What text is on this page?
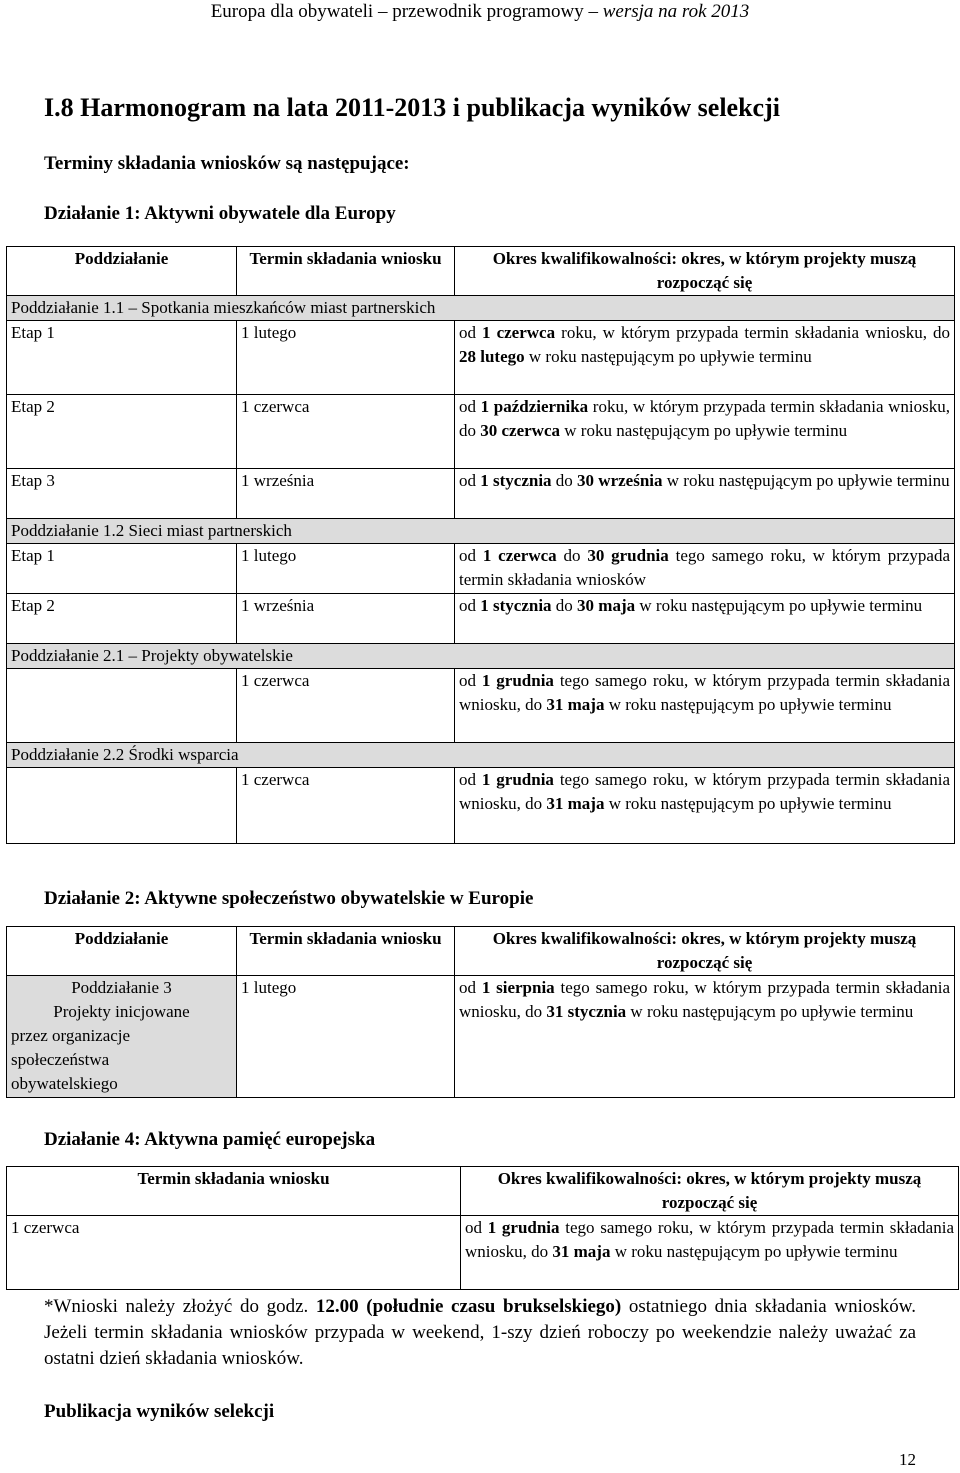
Europa dla obywateli – przewodnik programowy – wersja na rok 2013
I.8 Harmonogram na lata 2011-2013 i publikacja wyników selekcji
Terminy składania wniosków są następujące:
Działanie 1: Aktywni obywatele dla Europy
Poddziałanie	Termin składania wniosku	Okres kwalifikowalności: okres, w którym projekty muszą rozpocząć się
Poddziałanie 1.1 – Spotkania mieszkańców miast partnerskich		
Etap 1	1 lutego	od 1 czerwca roku, w którym przypada termin składania wniosku, do 28 lutego w roku następującym po upływie terminu
Etap 2	1 czerwca	od 1 października roku, w którym przypada termin składania wniosku, do 30 czerwca w roku następującym po upływie terminu
Etap 3	1 września	od 1 stycznia do 30 września w roku następującym po upływie terminu
Poddziałanie 1.2 Sieci miast partnerskich		
Etap 1	1 lutego	od 1 czerwca do 30 grudnia tego samego roku, w którym przypada termin składania wniosków
Etap 2	1 września	od 1 stycznia do 30 maja w roku następującym po upływie terminu
Poddziałanie 2.1 – Projekty obywatelskie		
	1 czerwca	od 1 grudnia tego samego roku, w którym przypada termin składania wniosku, do 31 maja w roku następującym po upływie terminu
Poddziałanie 2.2 Środki wsparcia		
	1 czerwca	od 1 grudnia tego samego roku, w którym przypada termin składania wniosku, do 31 maja w roku następującym po upływie terminu
Działanie 2: Aktywne społeczeństwo obywatelskie w Europie
Poddziałanie	Termin składania wniosku	Okres kwalifikowalności: okres, w którym projekty muszą rozpocząć się

Poddziałanie 3
Projekty inicjowane
przez organizacje
społeczeństwa
obywatelskiego	1 lutego	od 1 sierpnia tego samego roku, w którym przypada termin składania wniosku, do 31 stycznia w roku następującym po upływie terminu
Działanie 4: Aktywna pamięć europejska
Termin składania wniosku	Okres kwalifikowalności: okres, w którym projekty muszą rozpocząć się
1 czerwca	od 1 grudnia tego samego roku, w którym przypada termin składania wniosku, do 31 maja w roku następującym po upływie terminu
*Wnioski należy złożyć do godz. 12.00 (południe czasu brukselskiego) ostatniego dnia składania wniosków. Jeżeli termin składania wniosków przypada w weekend, 1-szy dzień roboczy po weekendzie należy uważać za ostatni dzień składania wniosków.
Publikacja wyników selekcji
12
